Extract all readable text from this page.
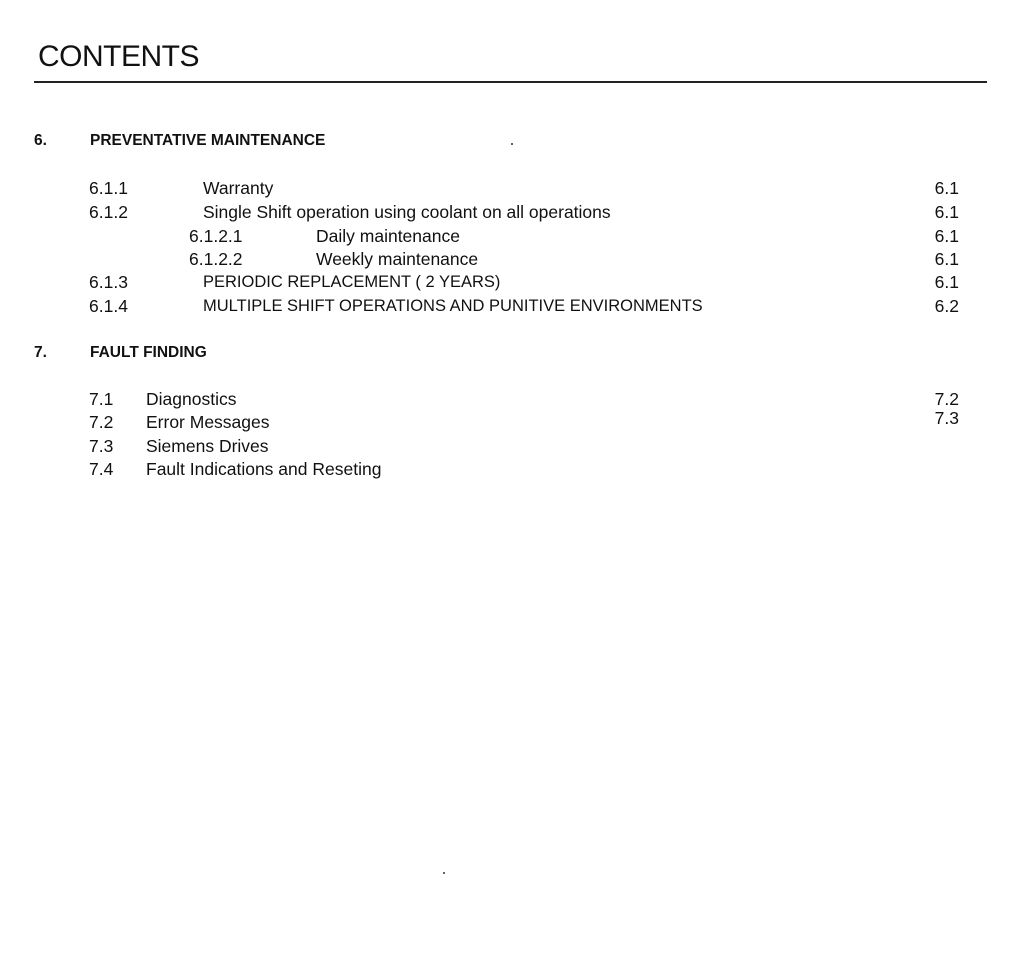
CONTENTS
6.	PREVENTATIVE MAINTENANCE
6.1.1	Warranty	6.1
6.1.2	Single Shift operation using coolant on all operations	6.1
6.1.2.1	Daily maintenance	6.1
6.1.2.2	Weekly maintenance	6.1
6.1.3	PERIODIC REPLACEMENT ( 2 YEARS)	6.1
6.1.4	MULTIPLE SHIFT OPERATIONS AND PUNITIVE ENVIRONMENTS	6.2
7.	FAULT FINDING
7.1 Diagnostics	7.2
7.2 Error Messages	7.3
7.3 Siemens Drives
7.4 Fault Indications and Reseting
